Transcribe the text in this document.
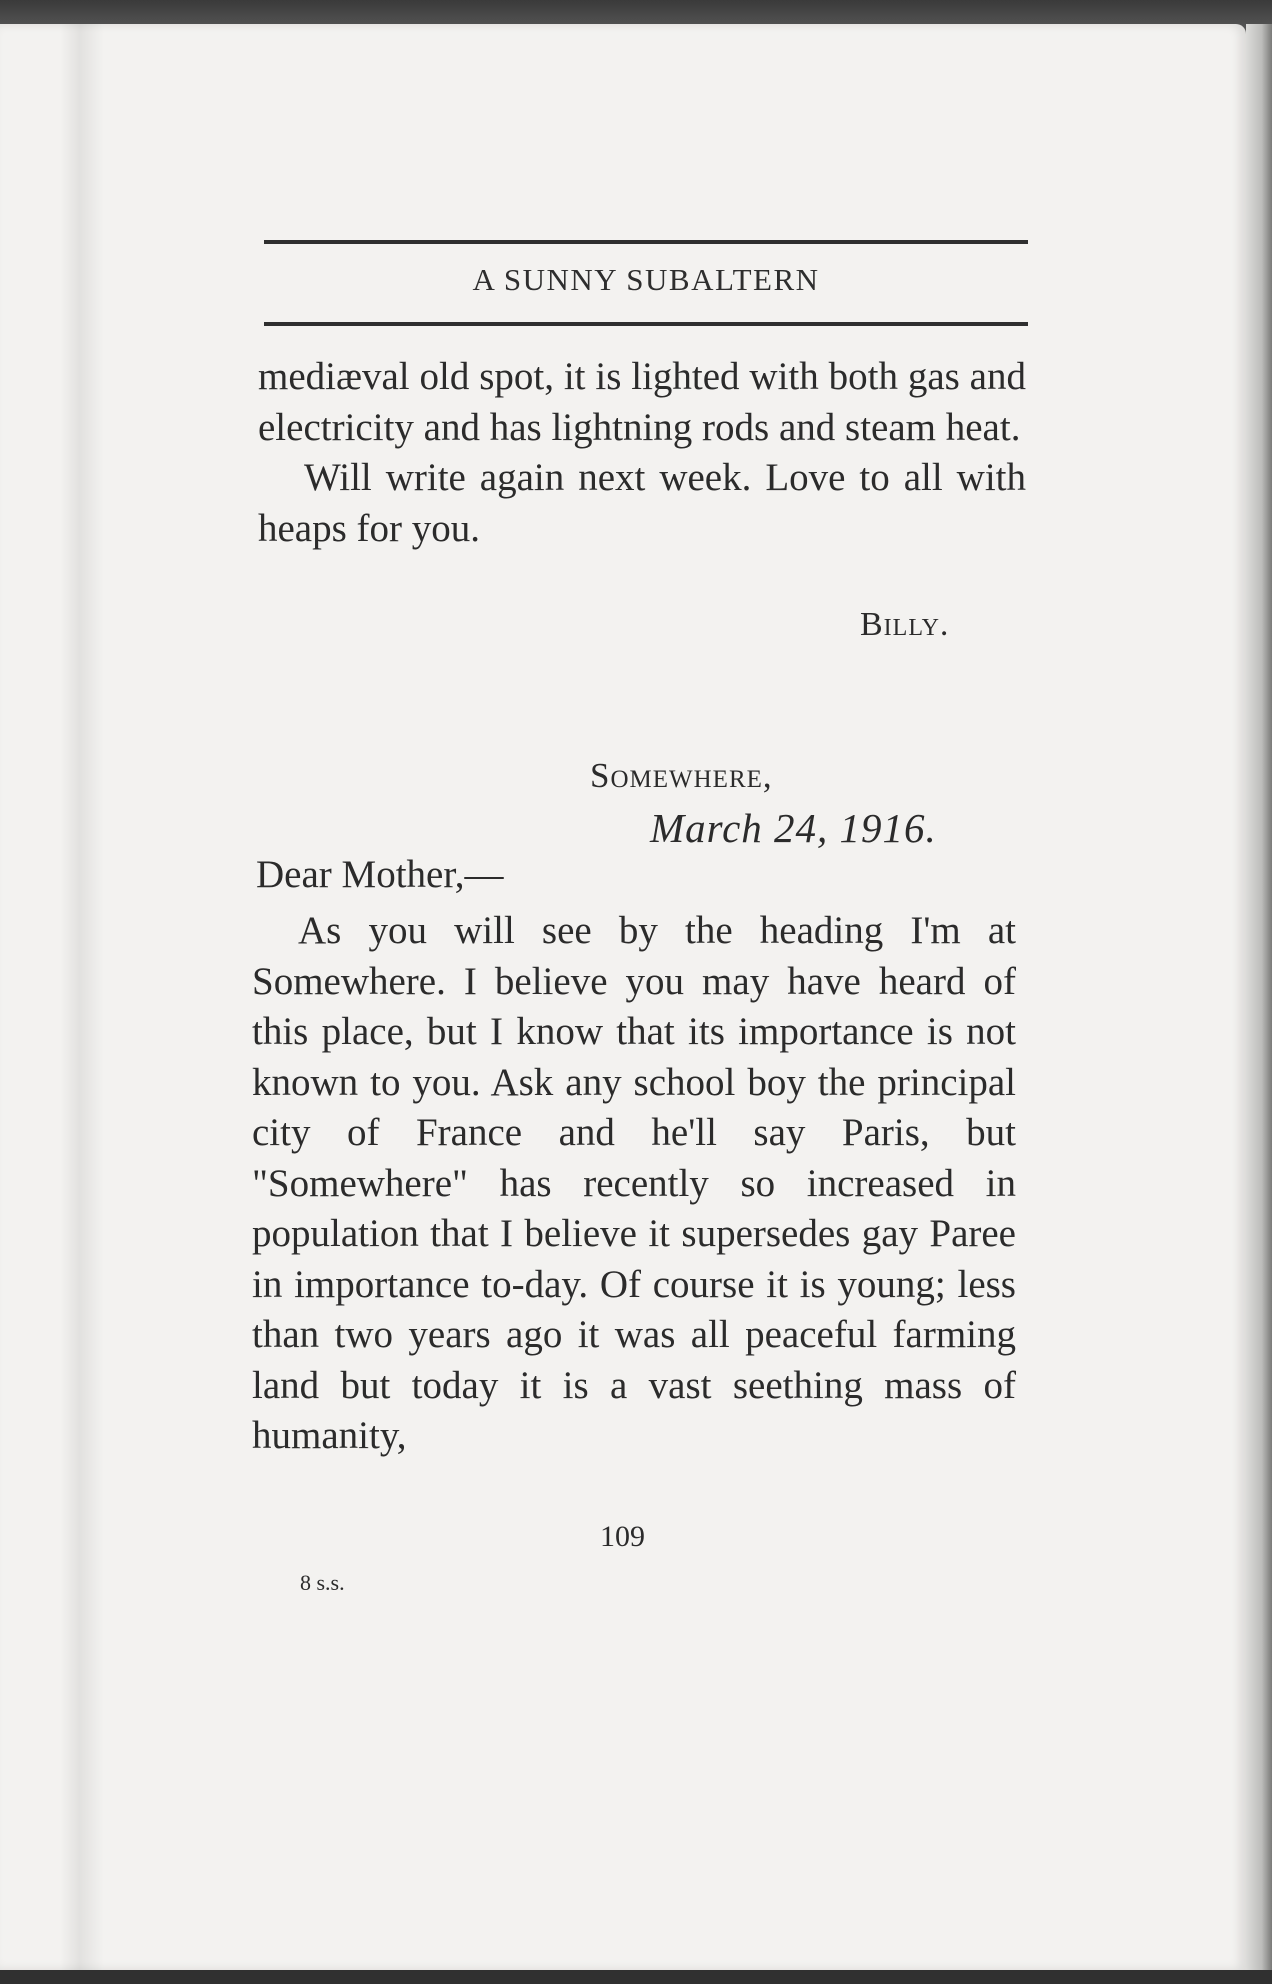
A SUNNY SUBALTERN

mediæval old spot, it is lighted with both gas and electricity and has lightning rods and steam heat.

Will write again next week. Love to all with heaps for you.

Billy.
Somewhere,
March 24, 1916.
Dear Mother,—

As you will see by the heading I'm at Somewhere. I believe you may have heard of this place, but I know that its importance is not known to you. Ask any school boy the principal city of France and he'll say Paris, but "Somewhere" has recently so increased in population that I believe it supersedes gay Paree in importance to-day. Of course it is young; less than two years ago it was all peaceful farming land but today it is a vast seething mass of humanity,

109
8 s.s.
